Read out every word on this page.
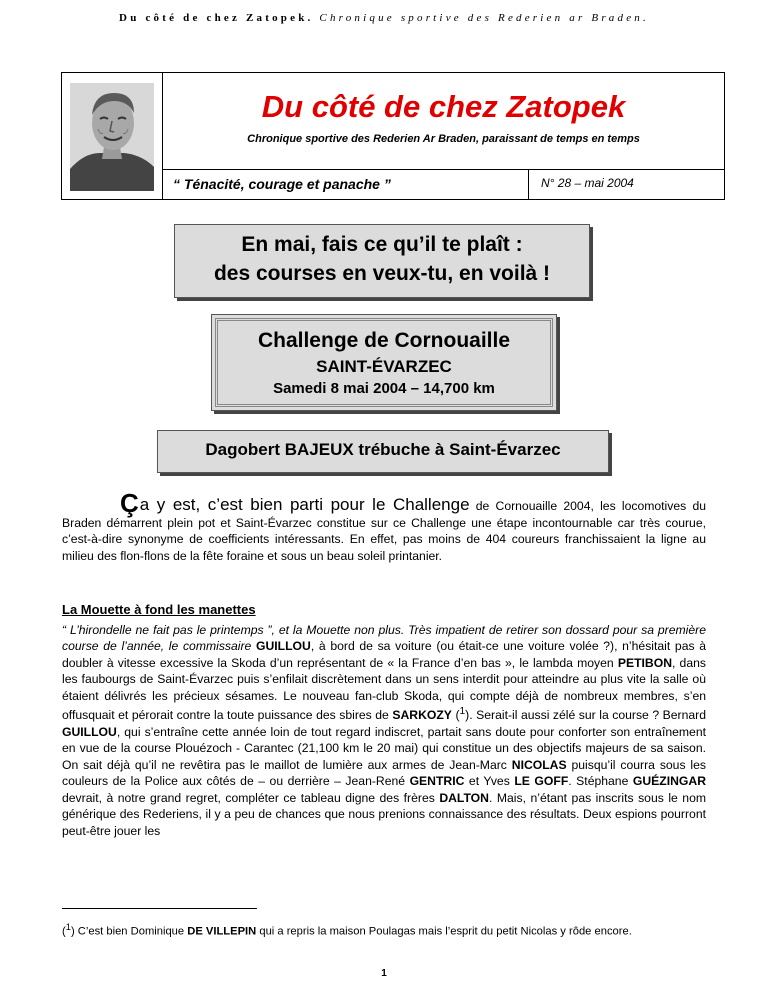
Du côté de chez Zatopek. Chronique sportive des Rederien ar Braden.
Du côté de chez Zatopek
Chronique sportive des Rederien Ar Braden, paraissant de temps en temps
“ Ténacité, courage et panache ”	N° 28 – mai 2004
En mai, fais ce qu’il te plaît :
des courses en veux-tu, en voilà !
Challenge de Cornouaille
SAINT-ÉVARZEC
Samedi 8 mai 2004 – 14,700 km
Dagobert BAJEUX trébuche à Saint-Évarzec
Ça y est, c’est bien parti pour le Challenge de Cornouaille 2004, les locomotives du Braden démarrent plein pot et Saint-Évarzec constitue sur ce Challenge une étape incontournable car très courue, c’est-à-dire synonyme de coefficients intéressants. En effet, pas moins de 404 coureurs franchissaient la ligne au milieu des flon-flons de la fête foraine et sous un beau soleil printanier.
La Mouette à fond les manettes

“ L’hirondelle ne fait pas le printemps ”, et la Mouette non plus. Très impatient de retirer son dossard pour sa première course de l’année, le commissaire GUILLOU, à bord de sa voiture (ou était-ce une voiture volée ?), n’hésitait pas à doubler à vitesse excessive la Skoda d’un représentant de « la France d’en bas », le lambda moyen PETIBON, dans les faubourgs de Saint-Évarzec puis s’enfilait discrètement dans un sens interdit pour atteindre au plus vite la salle où étaient délivrés les précieux sésames. Le nouveau fan-club Skoda, qui compte déjà de nombreux membres, s’en offusquait et pérorait contre la toute puissance des sbires de SARKOZY ($^1$). Serait-il aussi zélé sur la course ? Bernard GUILLOU, qui s’entraîne cette année loin de tout regard indiscret, partait sans doute pour conforter son entraînement en vue de la course Plouézoch - Carantec (21,100 km le 20 mai) qui constitue un des objectifs majeurs de sa saison. On sait déjà qu’il ne revêtira pas le maillot de lumière aux armes de Jean-Marc NICOLAS puisqu’il courra sous les couleurs de la Police aux côtés de – ou derrière – Jean-René GENTRIC et Yves LE GOFF. Stéphane GUÉZINGAR devrait, à notre grand regret, compléter ce tableau digne des frères DALTON. Mais, n’étant pas inscrits sous le nom générique des Rederiens, il y a peu de chances que nous prenions connaissance des résultats. Deux espions pourront peut-être jouer les

($^1$) C’est bien Dominique DE VILLEPIN qui a repris la maison Poulagas mais l’esprit du petit Nicolas y rôde encore.
1
